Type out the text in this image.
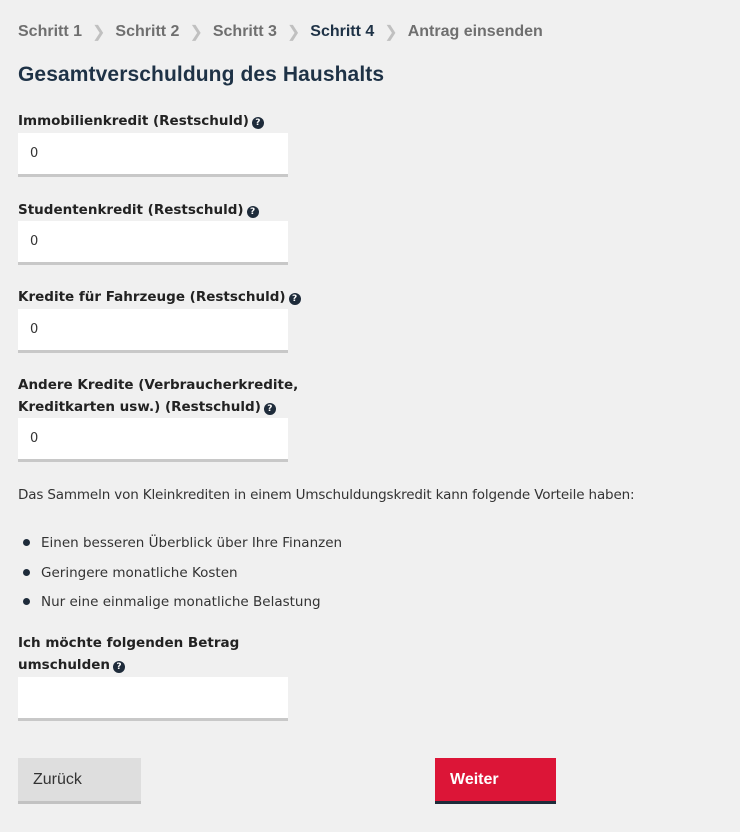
Schritt 1 ❯ Schritt 2 ❯ Schritt 3 ❯ Schritt 4 ❯ Antrag einsenden
Gesamtverschuldung des Haushalts
Immobilienkredit (Restschuld) ?
0
Studentenkredit (Restschuld) ?
0
Kredite für Fahrzeuge (Restschuld) ?
0
Andere Kredite (Verbraucherkredite,
Kreditkarten usw.) (Restschuld) ?
0
Das Sammeln von Kleinkrediten in einem Umschuldungskredit kann folgende Vorteile haben:
Einen besseren Überblick über Ihre Finanzen
Geringere monatliche Kosten
Nur eine einmalige monatliche Belastung
Ich möchte folgenden Betrag
umschulden ?
Zurück	Weiter
